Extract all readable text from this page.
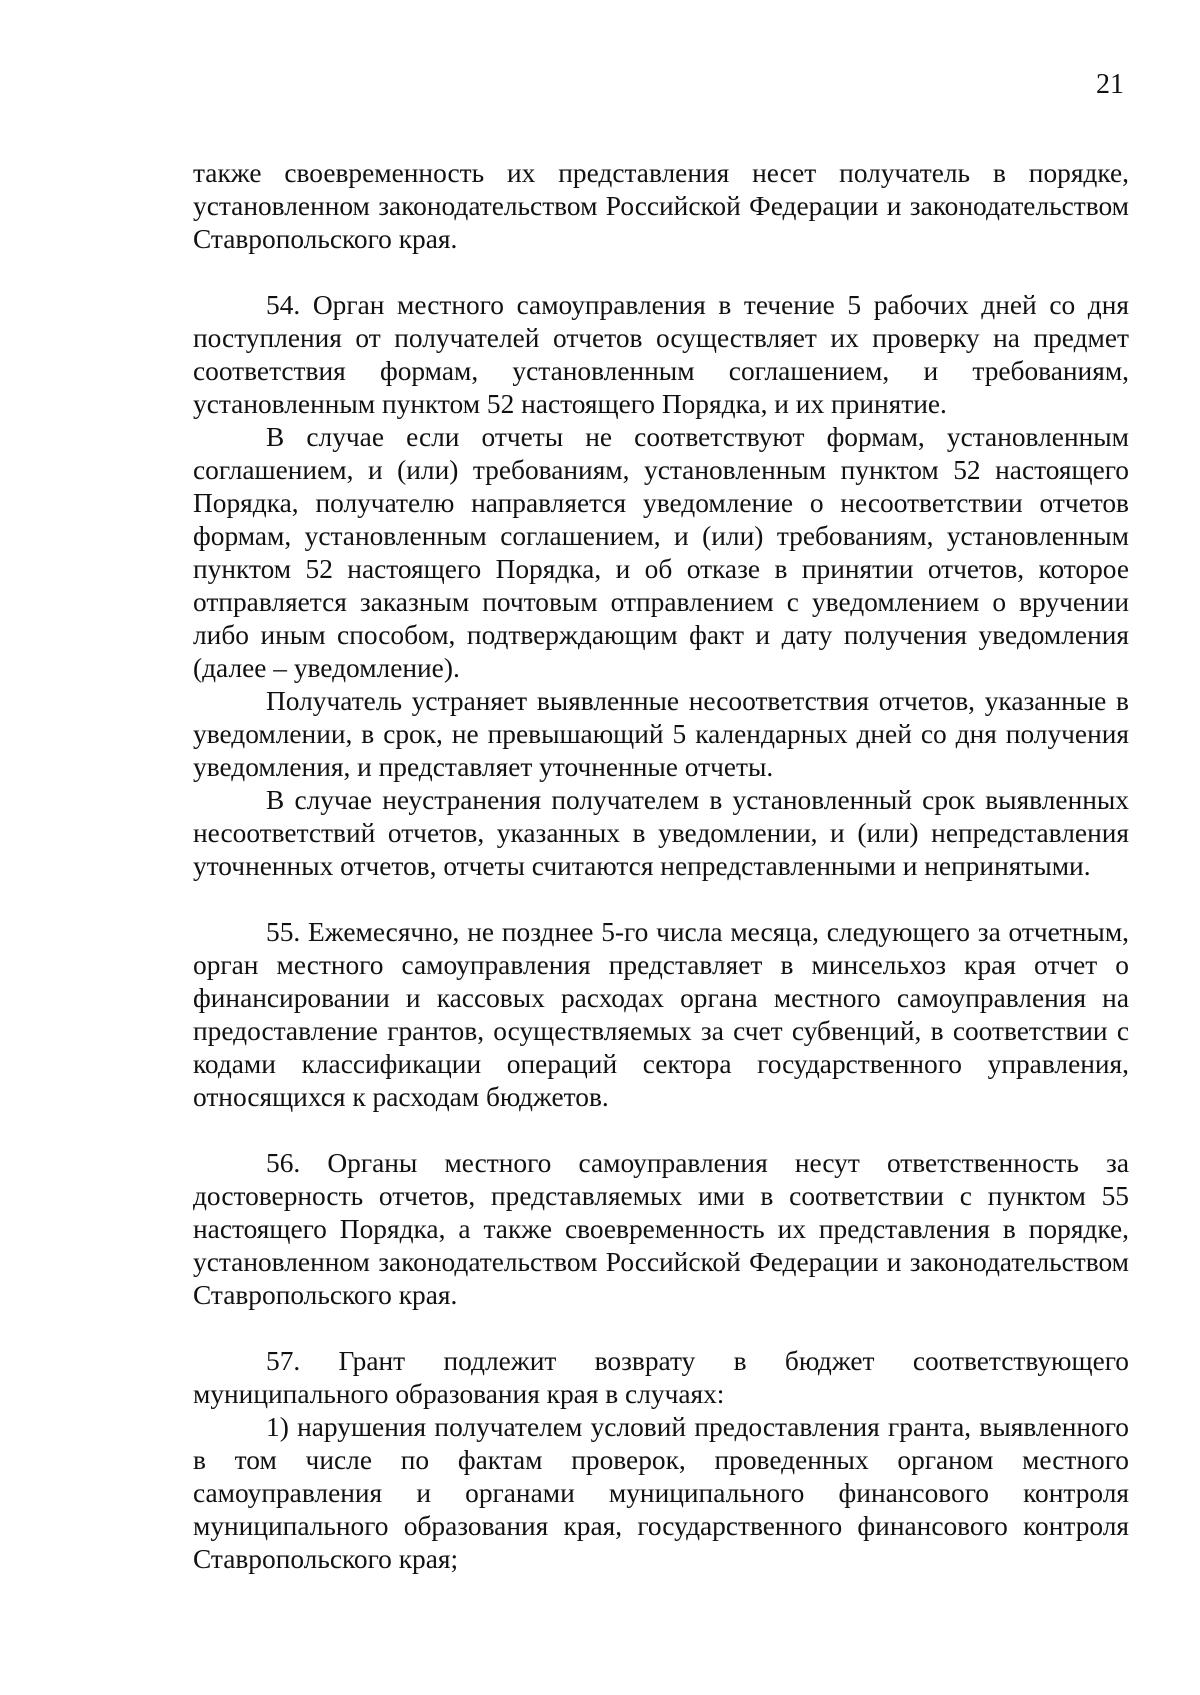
21

также своевременность их представления несет получатель в порядке, установленном законодательством Российской Федерации и законодательством Ставропольского края.

54. Орган местного самоуправления в течение 5 рабочих дней со дня поступления от получателей отчетов осуществляет их проверку на предмет соответствия формам, установленным соглашением, и требованиям, установленным пунктом 52 настоящего Порядка, и их принятие.

В случае если отчеты не соответствуют формам, установленным соглашением, и (или) требованиям, установленным пунктом 52 настоящего Порядка, получателю направляется уведомление о несоответствии отчетов формам, установленным соглашением, и (или) требованиям, установленным пунктом 52 настоящего Порядка, и об отказе в принятии отчетов, которое отправляется заказным почтовым отправлением с уведомлением о вручении либо иным способом, подтверждающим факт и дату получения уведомления (далее – уведомление).

Получатель устраняет выявленные несоответствия отчетов, указанные в уведомлении, в срок, не превышающий 5 календарных дней со дня получения уведомления, и представляет уточненные отчеты.

В случае неустранения получателем в установленный срок выявленных несоответствий отчетов, указанных в уведомлении, и (или) непредставления уточненных отчетов, отчеты считаются непредставленными и непринятыми.

55. Ежемесячно, не позднее 5-го числа месяца, следующего за отчетным, орган местного самоуправления представляет в минсельхоз края отчет о финансировании и кассовых расходах органа местного самоуправления на предоставление грантов, осуществляемых за счет субвенций, в соответствии с кодами классификации операций сектора государственного управления, относящихся к расходам бюджетов.

56. Органы местного самоуправления несут ответственность за достоверность отчетов, представляемых ими в соответствии с пунктом 55 настоящего Порядка, а также своевременность их представления в порядке, установленном законодательством Российской Федерации и законодательством Ставропольского края.

57. Грант подлежит возврату в бюджет соответствующего муниципального образования края в случаях:

1) нарушения получателем условий предоставления гранта, выявленного в том числе по фактам проверок, проведенных органом местного самоуправления и органами муниципального финансового контроля муниципального образования края, государственного финансового контроля Ставропольского края;
